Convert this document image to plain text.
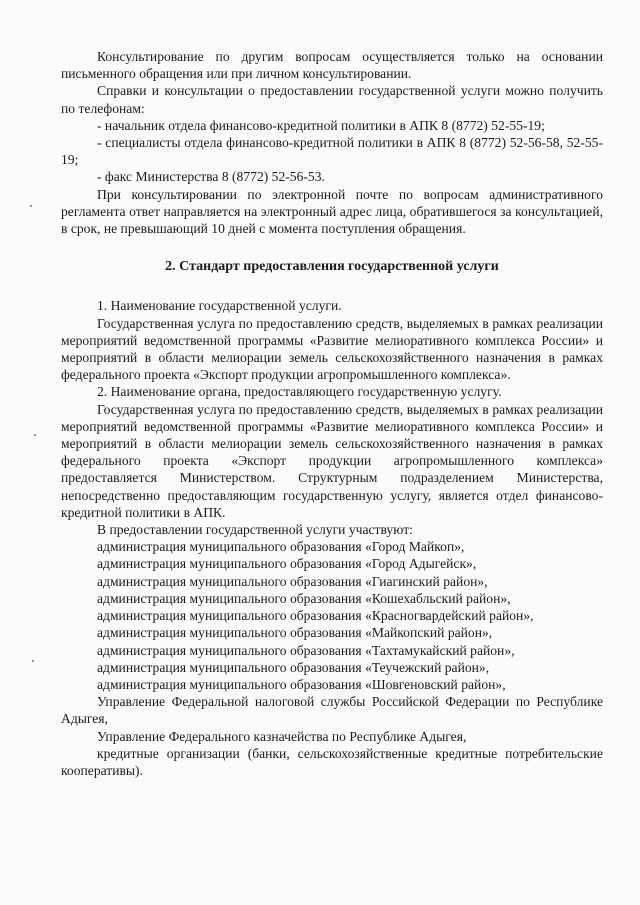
Консультирование по другим вопросам осуществляется только на основании письменного обращения или при личном консультировании.

Справки и консультации о предоставлении государственной услуги можно получить по телефонам:

- начальник отдела финансово-кредитной политики в АПК 8 (8772) 52-55-19;

- специалисты отдела финансово-кредитной политики в АПК 8 (8772) 52-56-58, 52-55-19;

- факс Министерства 8 (8772) 52-56-53.

При консультировании по электронной почте по вопросам административного регламента ответ направляется на электронный адрес лица, обратившегося за консультацией, в срок, не превышающий 10 дней с момента поступления обращения.

2. Стандарт предоставления государственной услуги

1. Наименование государственной услуги.

Государственная услуга по предоставлению средств, выделяемых в рамках реализации мероприятий ведомственной программы «Развитие мелиоративного комплекса России» и мероприятий в области мелиорации земель сельскохозяйственного назначения в рамках федерального проекта «Экспорт продукции агропромышленного комплекса».

2. Наименование органа, предоставляющего государственную услугу.

Государственная услуга по предоставлению средств, выделяемых в рамках реализации мероприятий ведомственной программы «Развитие мелиоративного комплекса России» и мероприятий в области мелиорации земель сельскохозяйственного назначения в рамках федерального проекта «Экспорт продукции агропромышленного комплекса» предоставляется Министерством. Структурным подразделением Министерства, непосредственно предоставляющим государственную услугу, является отдел финансово-кредитной политики в АПК.

В предоставлении государственной услуги участвуют:

администрация муниципального образования «Город Майкоп»,

администрация муниципального образования «Город Адыгейск»,

администрация муниципального образования «Гиагинский район»,

администрация муниципального образования «Кошехабльский район»,

администрация муниципального образования «Красногвардейский район»,

администрация муниципального образования «Майкопский район»,

администрация муниципального образования «Тахтамукайский район»,

администрация муниципального образования «Теучежский район»,

администрация муниципального образования «Шовгеновский район»,

Управление Федеральной налоговой службы Российской Федерации по Республике Адыгея,

Управление Федерального казначейства по Республике Адыгея,

кредитные организации (банки, сельскохозяйственные кредитные потребительские кооперативы).
